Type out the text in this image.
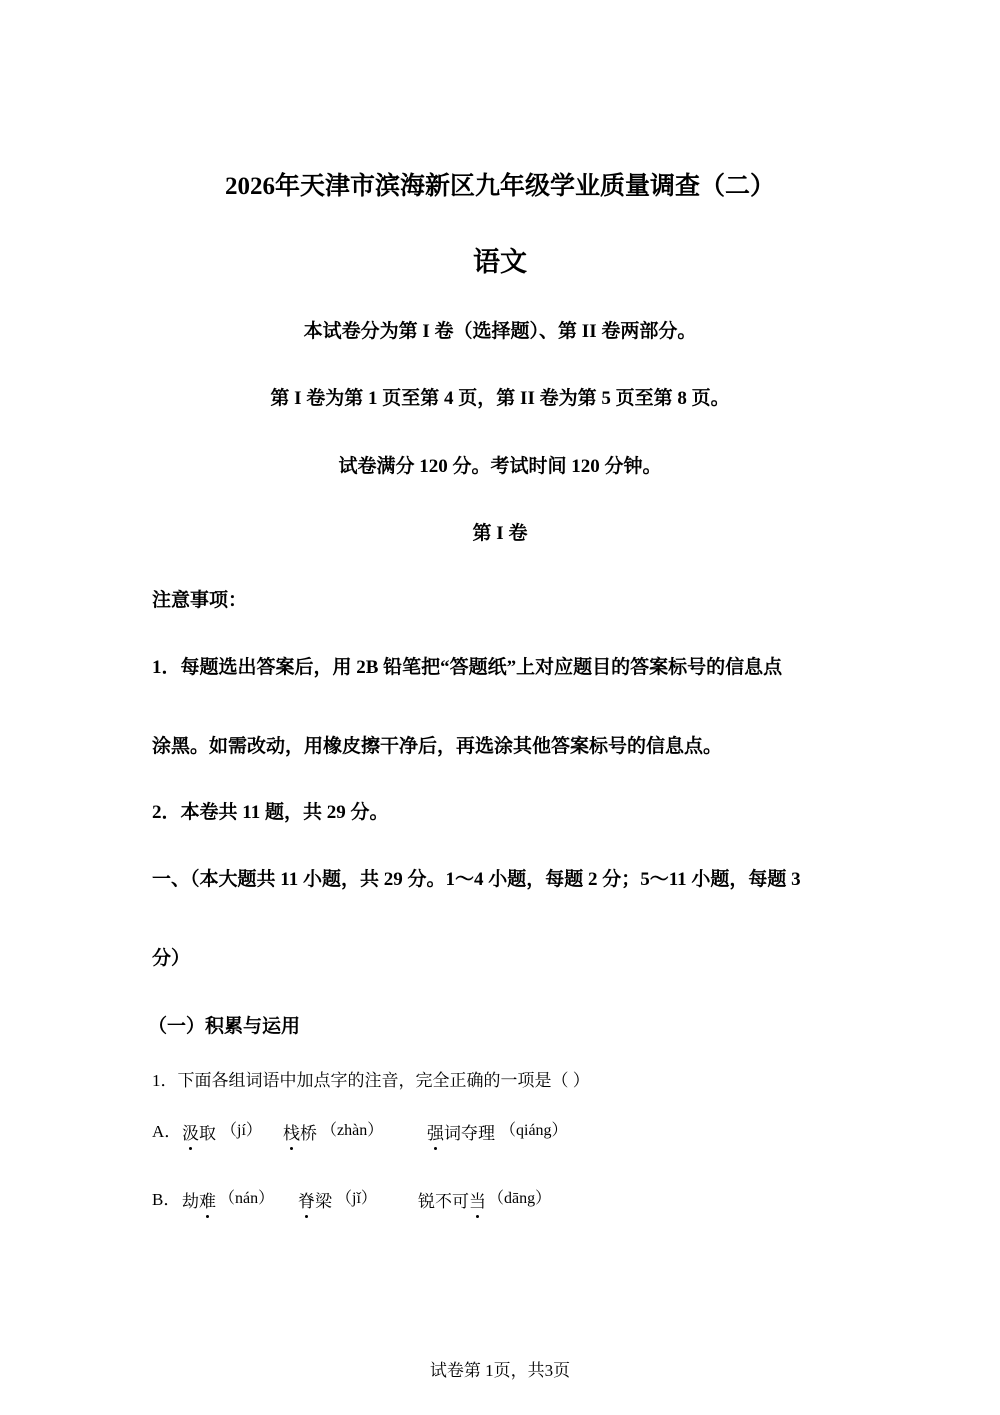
2026年天津市滨海新区九年级学业质量调查（二）
语文
本试卷分为第 I 卷（选择题）、第 II 卷两部分。
第 I 卷为第 1 页至第 4 页，第 II 卷为第 5 页至第 8 页。
试卷满分 120 分。考试时间 120 分钟。
第 I 卷
注意事项：
1．每题选出答案后，用 2B 铅笔把“答题纸”上对应题目的答案标号的信息点
涂黑。如需改动，用橡皮擦干净后，再选涂其他答案标号的信息点。
2．本卷共 11 题，共 29 分。
一、（本大题共 11 小题，共 29 分。1～4 小题，每题 2 分；5～11 小题，每题 3
分）
（一）积累与运用
1．下面各组词语中加点字的注音，完全正确的一项是（ ）
A． 汲取 （jí） 栈桥 （zhàn）	强词夺理 （qiáng）
B． 劫难 （nán） 脊梁 （jǐ） 锐不可当 （dāng）
试卷第 1页，共3页
